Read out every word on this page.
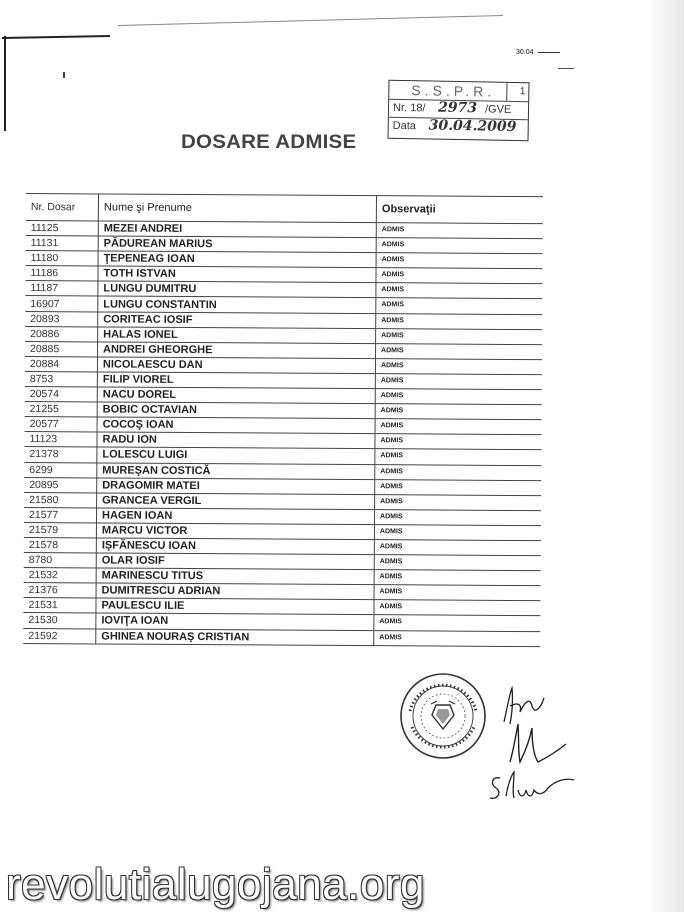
30.04
S.S.P.R. 1
Nr. 18/ 2973 /GVE
Data 30.04.2009
DOSARE ADMISE
Nr. Dosar	Nume şi Prenume	Observaţii
11125	MEZEI ANDREI	ADMIS
11131	PĂDUREAN MARIUS	ADMIS
11180	ŢEPENEAG IOAN	ADMIS
11186	TOTH ISTVAN	ADMIS
11187	LUNGU DUMITRU	ADMIS
16907	LUNGU CONSTANTIN	ADMIS
20893	CORITEAC IOSIF	ADMIS
20886	HALAS IONEL	ADMIS
20885	ANDREI GHEORGHE	ADMIS
20884	NICOLAESCU DAN	ADMIS
8753	FILIP VIOREL	ADMIS
20574	NACU DOREL	ADMIS
21255	BOBIC OCTAVIAN	ADMIS
20577	COCOŞ IOAN	ADMIS
11123	RADU ION	ADMIS
21378	LOLESCU LUIGI	ADMIS
6299	MUREŞAN COSTICĂ	ADMIS
20895	DRAGOMIR MATEI	ADMIS
21580	GRANCEA VERGIL	ADMIS
21577	HAGEN IOAN	ADMIS
21579	MARCU VICTOR	ADMIS
21578	IŞFĂNESCU IOAN	ADMIS
8780	OLAR IOSIF	ADMIS
21532	MARINESCU TITUS	ADMIS
21376	DUMITRESCU ADRIAN	ADMIS
21531	PAULESCU ILIE	ADMIS
21530	IOVIŢA IOAN	ADMIS
21592	GHINEA NOURAŞ CRISTIAN	ADMIS
revolutialugojana.org
